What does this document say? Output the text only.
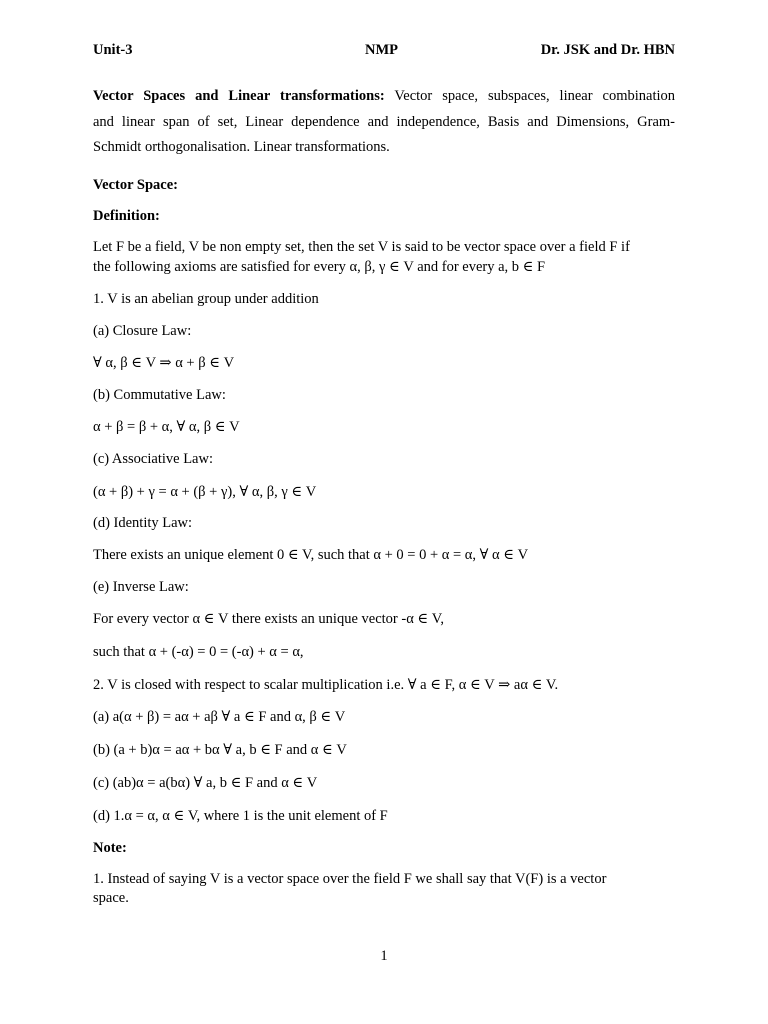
Unit-3	NMP	Dr. JSK and Dr. HBN
Vector Spaces and Linear transformations: Vector space, subspaces, linear combination
and linear span of set, Linear dependence and independence, Basis and Dimensions, Gram-
Schmidt orthogonalisation. Linear transformations.
Vector Space:
Definition:
Let F be a field, V be non empty set, then the set V is said to be vector space over a field F if
the following axioms are satisfied for every α, β, γ ∈ V and for every a, b ∈ F
1. V is an abelian group under addition
(a) Closure Law:
∀ α, β ∈ V ⇒ α + β ∈ V
(b) Commutative Law:
α + β = β + α, ∀ α, β ∈ V
(c) Associative Law:
(α + β) + γ = α + (β + γ), ∀ α, β, γ ∈ V
(d) Identity Law:
There exists an unique element 0 ∈ V, such that α + 0 = 0 + α = α, ∀ α ∈ V
(e) Inverse Law:
For every vector α ∈ V there exists an unique vector -α ∈ V,
such that α + (-α) = 0 = (-α) + α = α,
2. V is closed with respect to scalar multiplication i.e. ∀ a ∈ F, α ∈ V ⇒ aα ∈ V.
(a) a(α + β) = aα + aβ ∀ a ∈ F and α, β ∈ V
(b) (a + b)α = aα + bα ∀ a, b ∈ F and α ∈ V
(c) (ab)α = a(bα) ∀ a, b ∈ F and α ∈ V
(d) 1.α = α, α ∈ V, where 1 is the unit element of F
Note:
1. Instead of saying V is a vector space over the field F we shall say that V(F) is a vector
space.
1
